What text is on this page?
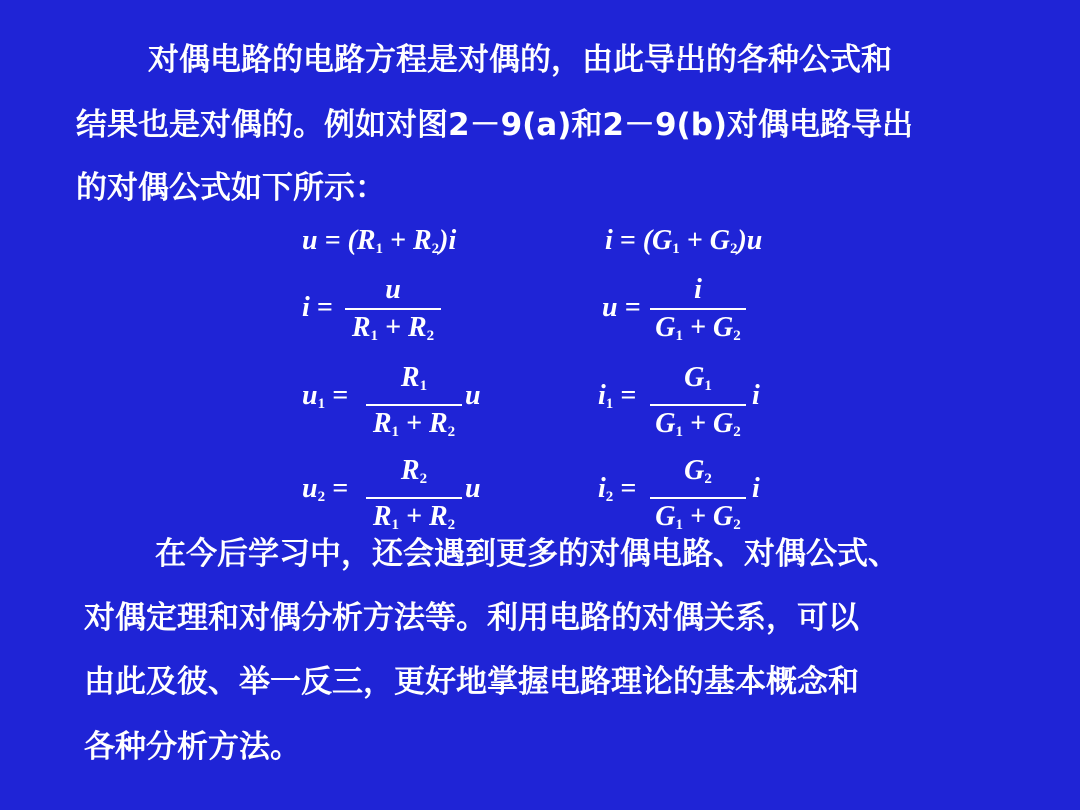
对偶电路的电路方程是对偶的，由此导出的各种公式和
结果也是对偶的。例如对图2－9(a)和2－9(b)对偶电路导出
的对偶公式如下所示：
$u = (R_1 + R_2)i$	$i = (G_1 + G_2)u$
i =
u
$R_1 + R_2$
u =
i
$G_1 + G_2$
$u_1$ =
$R_1$
$R_1 + R_2$
u	$i_1$ =
$G_1$
$G_1 + G_2$
i
$u_2$ =
$R_2$
$R_1 + R_2$
u	$i_2$ =
$G_2$
$G_1 + G_2$
i
在今后学习中，还会遇到更多的对偶电路、对偶公式、
对偶定理和对偶分析方法等。利用电路的对偶关系，可以
由此及彼、举一反三，更好地掌握电路理论的基本概念和
各种分析方法。
